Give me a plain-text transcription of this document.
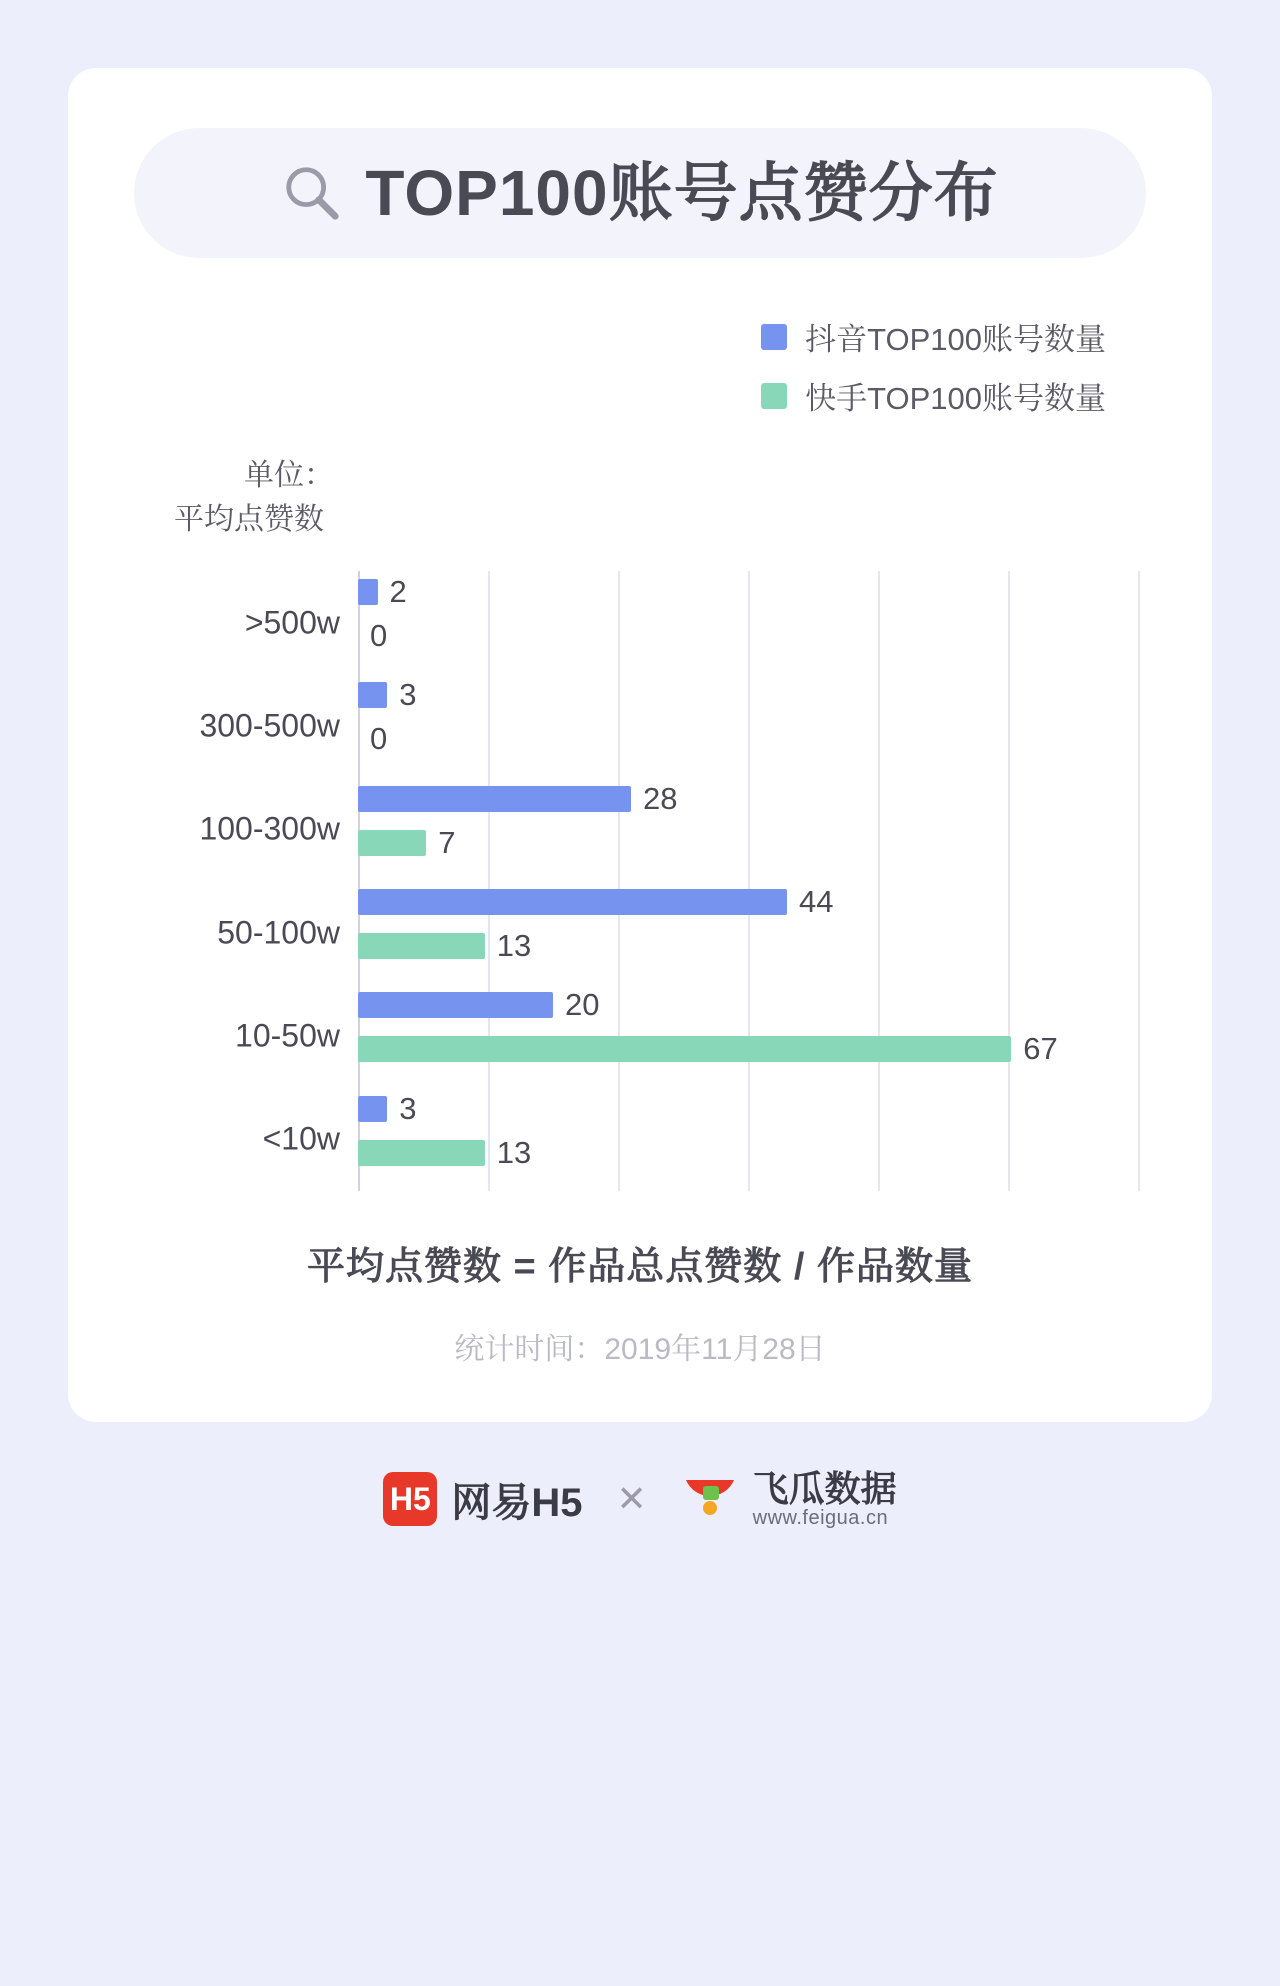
TOP100账号点赞分布
抖音TOP100账号数量
快手TOP100账号数量
单位：
平均点赞数
>500w
2
0
300-500w
3
0
100-300w
28
7
50-100w
44
13
10-50w
20
67
<10w
3
13
平均点赞数 = 作品总点赞数 / 作品数量
统计时间：2019年11月28日
H5 网易H5 ✕	飞瓜数据
www.feigua.cn
